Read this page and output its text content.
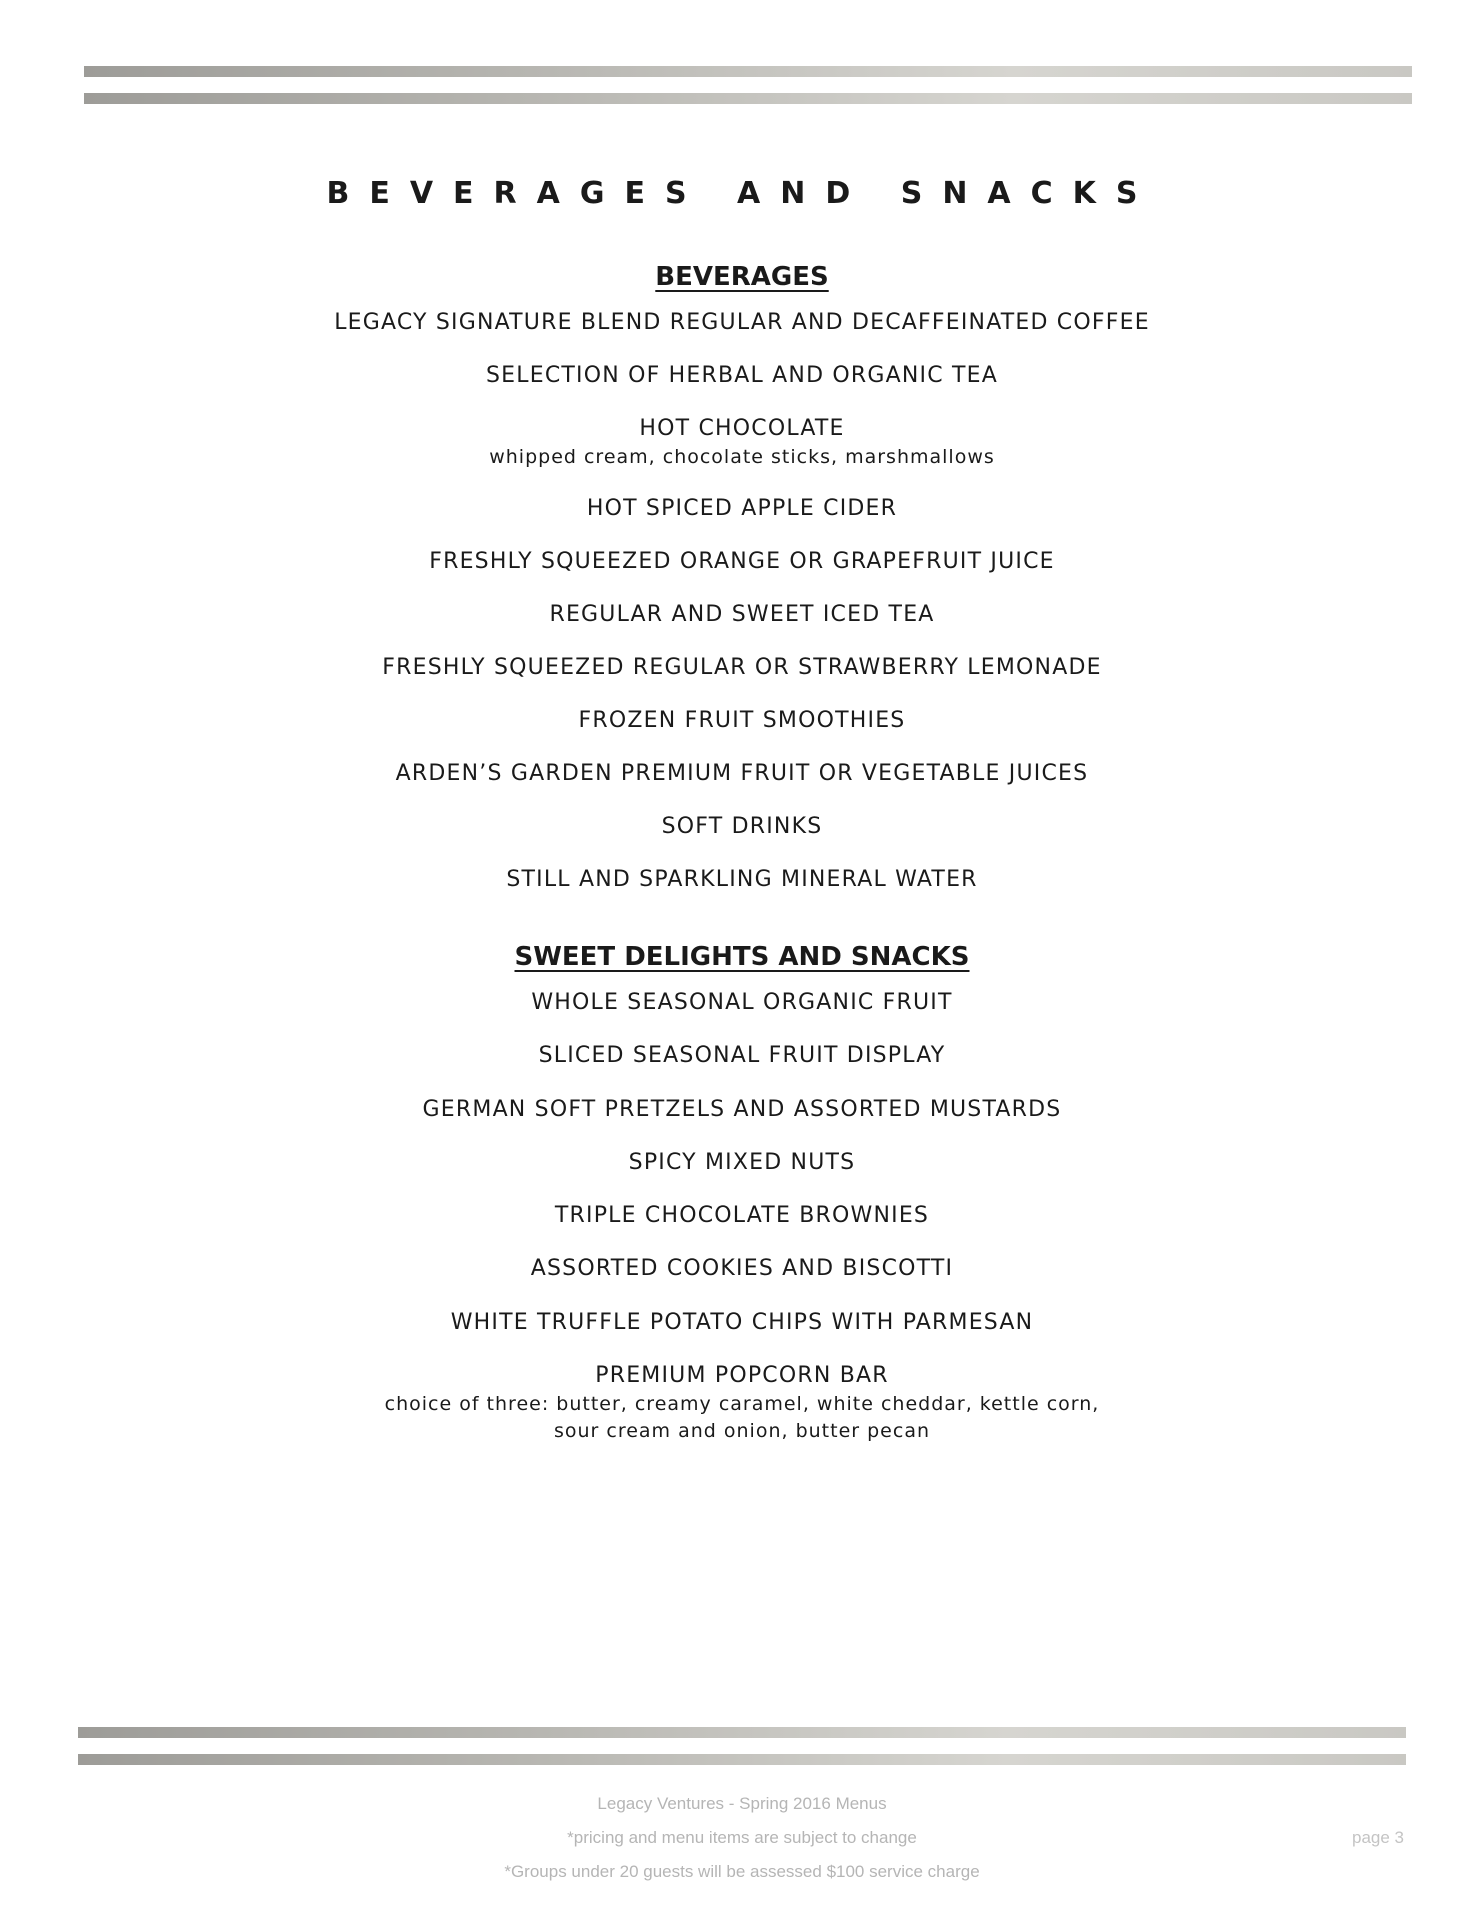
BEVERAGES AND SNACKS
BEVERAGES
LEGACY SIGNATURE BLEND REGULAR AND DECAFFEINATED COFFEE
SELECTION OF HERBAL AND ORGANIC TEA
HOT CHOCOLATE
whipped cream, chocolate sticks, marshmallows
HOT SPICED APPLE CIDER
FRESHLY SQUEEZED ORANGE OR GRAPEFRUIT JUICE
REGULAR AND SWEET ICED TEA
FRESHLY SQUEEZED REGULAR OR STRAWBERRY LEMONADE
FROZEN FRUIT SMOOTHIES
ARDEN’S GARDEN PREMIUM FRUIT OR VEGETABLE JUICES
SOFT DRINKS
STILL AND SPARKLING MINERAL WATER
SWEET DELIGHTS AND SNACKS
WHOLE SEASONAL ORGANIC FRUIT
SLICED SEASONAL FRUIT DISPLAY
GERMAN SOFT PRETZELS AND ASSORTED MUSTARDS
SPICY MIXED NUTS
TRIPLE CHOCOLATE BROWNIES
ASSORTED COOKIES AND BISCOTTI
WHITE TRUFFLE POTATO CHIPS WITH PARMESAN
PREMIUM POPCORN BAR
choice of three: butter, creamy caramel, white cheddar, kettle corn,
sour cream and onion, butter pecan
Legacy Ventures - Spring 2016 Menus
*pricing and menu items are subject to change
*Groups under 20 guests will be assessed $100 service charge
page 3
